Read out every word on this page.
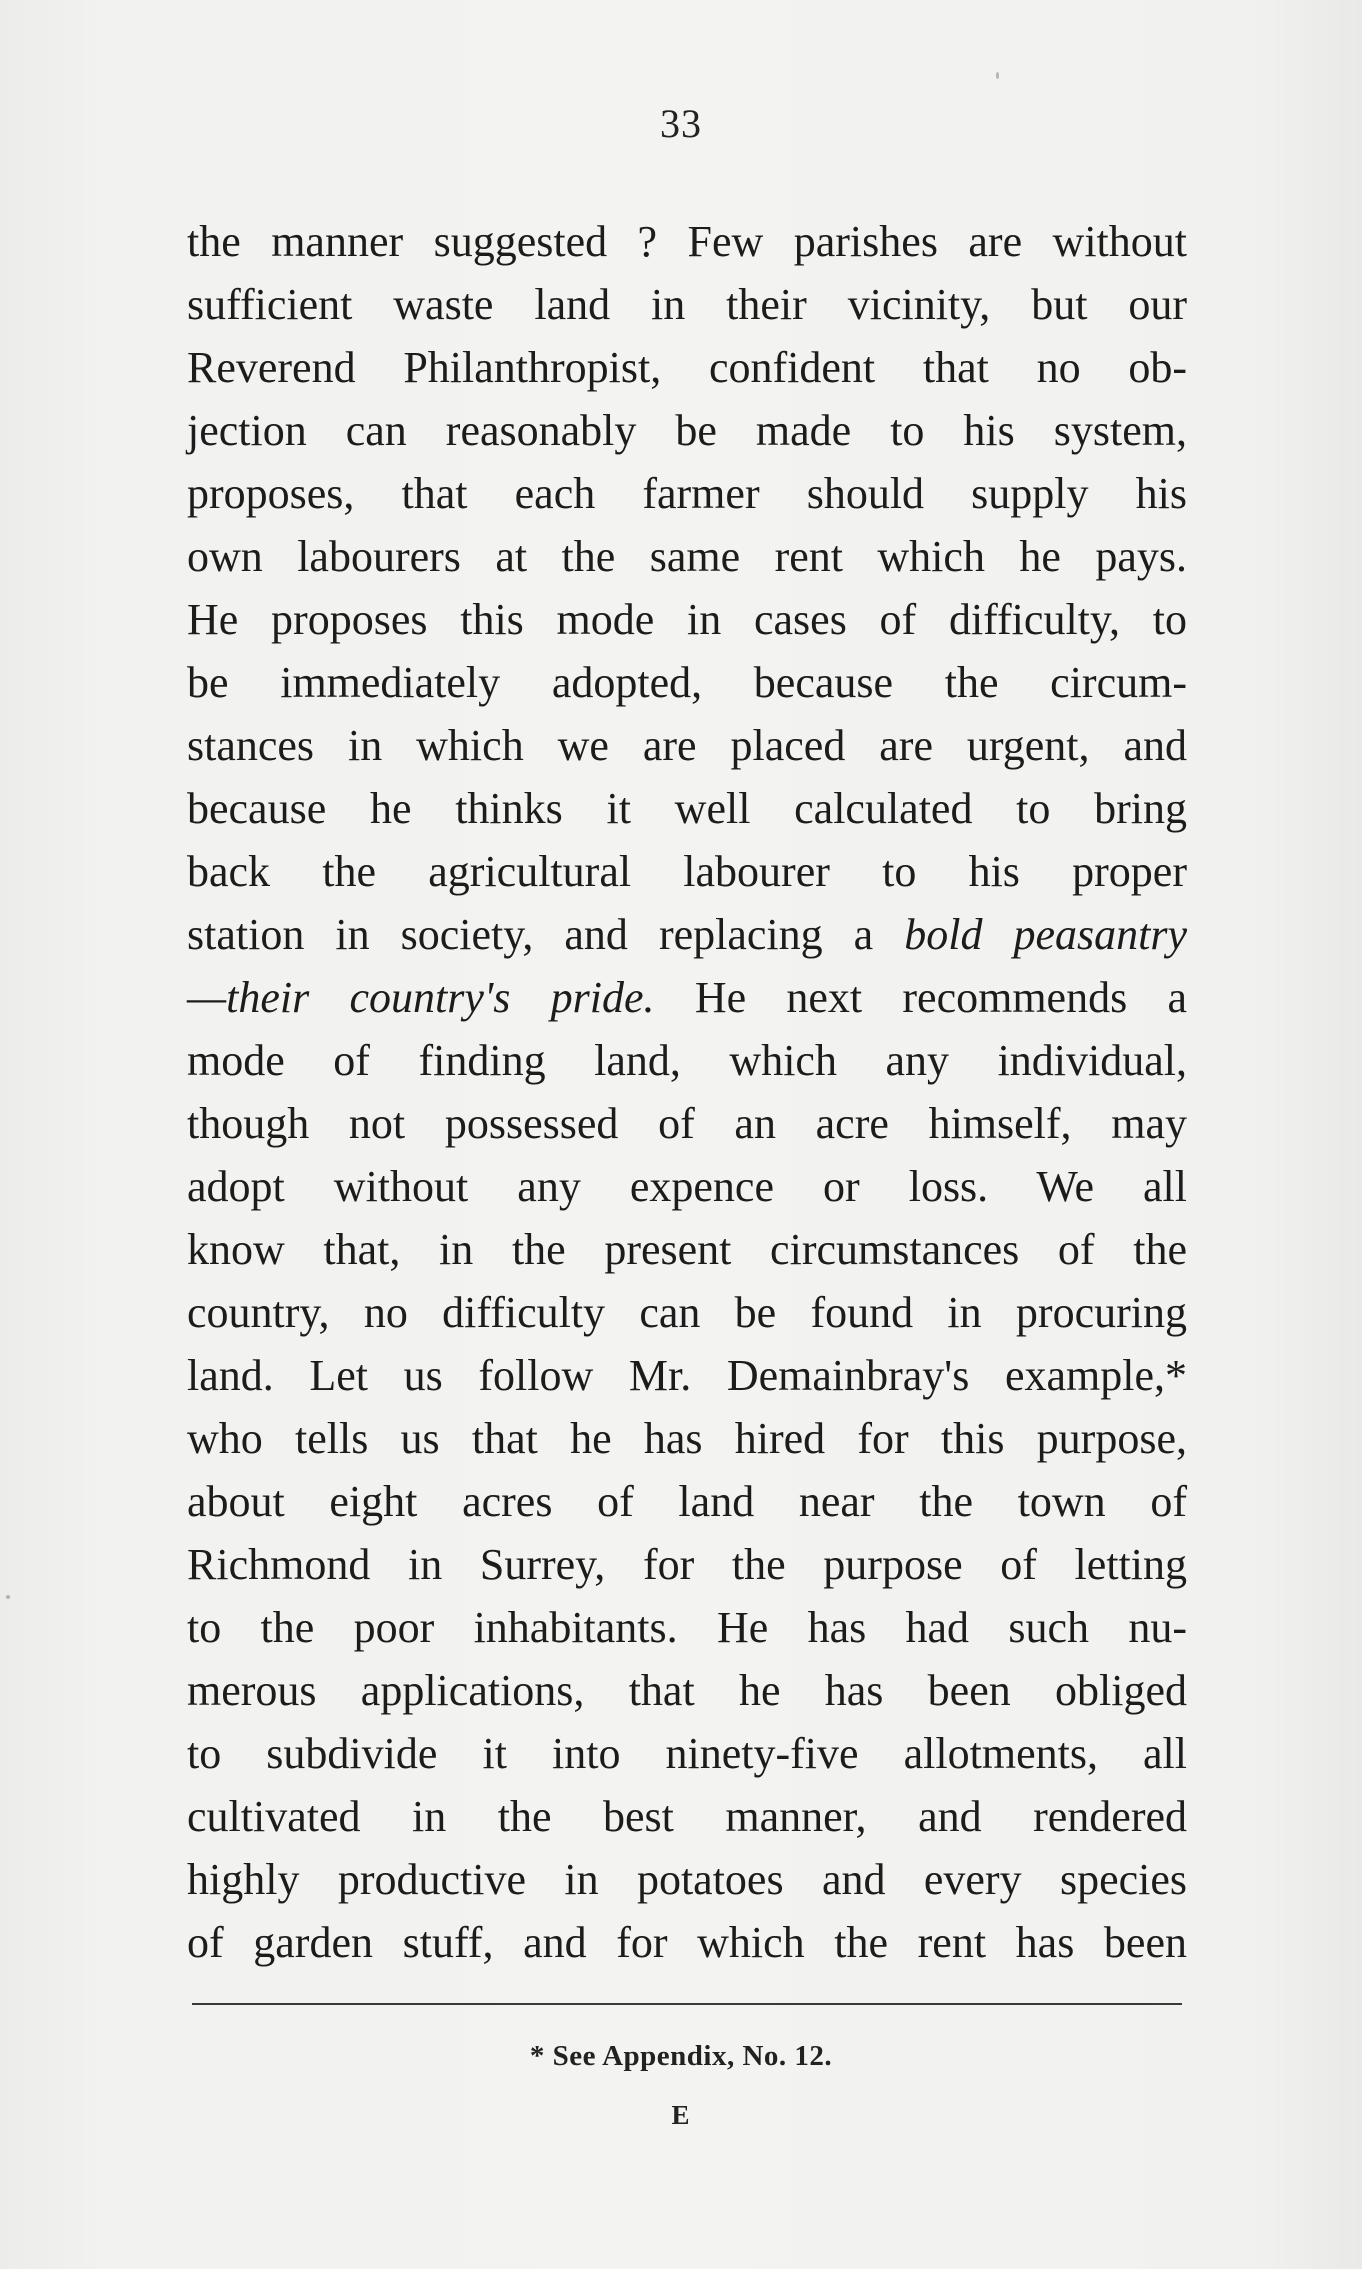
33
the manner suggested ? Few parishes are without
sufficient waste land in their vicinity, but our
Reverend Philanthropist, confident that no ob-
jection can reasonably be made to his system,
proposes, that each farmer should supply his
own labourers at the same rent which he pays.
He proposes this mode in cases of difficulty, to
be immediately adopted, because the circum-
stances in which we are placed are urgent, and
because he thinks it well calculated to bring
back the agricultural labourer to his proper
station in society, and replacing a bold peasantry
—their country's pride. He next recommends a
mode of finding land, which any individual,
though not possessed of an acre himself, may
adopt without any expence or loss. We all
know that, in the present circumstances of the
country, no difficulty can be found in procuring
land. Let us follow Mr. Demainbray's example,*
who tells us that he has hired for this purpose,
about eight acres of land near the town of
Richmond in Surrey, for the purpose of letting
to the poor inhabitants. He has had such nu-
merous applications, that he has been obliged
to subdivide it into ninety-five allotments, all
cultivated in the best manner, and rendered
highly productive in potatoes and every species
of garden stuff, and for which the rent has been
* See Appendix, No. 12.
E
